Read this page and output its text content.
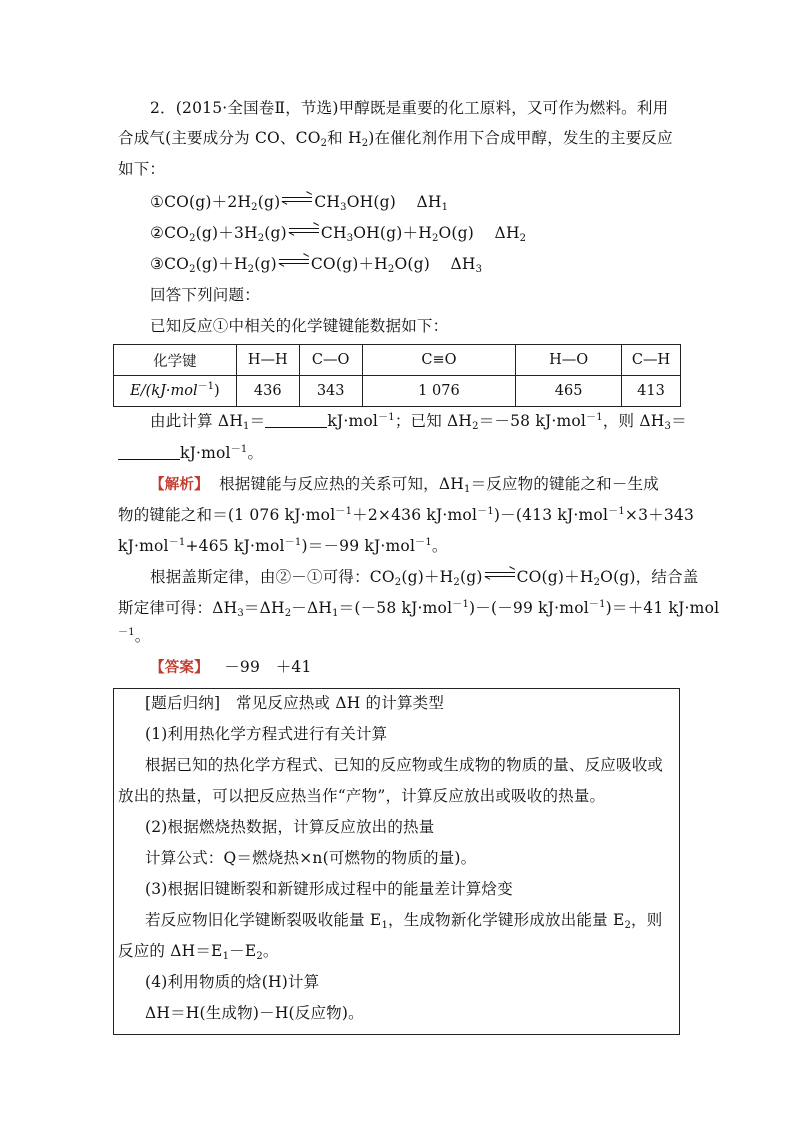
2．(2015·全国卷Ⅱ，节选)甲醇既是重要的化工原料，又可作为燃料。利用
合成气(主要成分为 CO、$CO_2$和 $H_2$)在催化剂作用下合成甲醇，发生的主要反应
如下：
$①CO(g)+2H_2(g)$ $CH_3OH(g)$ $\Delta H_1$
$②CO_2(g)+3H_2(g)$ $CH_3OH(g)+H_2O(g)$ $\Delta H_2$
$③CO_2(g)+H_2(g)$ $CO(g)+H_2O(g)$ $\Delta H_3$
回答下列问题：
已知反应①中相关的化学键键能数据如下：
化学键	H—H	C—O	C≡O	H—O	C—H
E/(kJ·mol$^{-1}$)	436	343	1 076	465	413
由此计算 $\Delta H_1=$	kJ·mol$^{-1}$；已知 $\Delta H_2=-58$ kJ·mol$^{-1}$，则 $\Delta H_3=$
kJ·mol$^{-1}$。
【解析】 根据键能与反应热的关系可知，$\Delta H_1=$反应物的键能之和－生成
物的键能之和＝(1 076 kJ·mol$^{-1}$＋2×436 kJ·mol$^{-1}$)－(413 kJ·mol$^{-1}$×3＋343
kJ·mol$^{-1}$+465 kJ·mol$^{-1}$)＝－99 kJ·mol$^{-1}$。
根据盖斯定律，由②－①可得：$CO_2(g)+H_2(g)$ $CO(g)+H_2O(g)$，结合盖
斯定律可得：$\Delta H_3=\Delta H_2-\Delta H_1=(-58$ kJ·mol$^{-1}$)－(－99 kJ·mol$^{-1}$)＝＋41 kJ·mol
$^{-1}$。
【答案】 －99　＋41
[题后归纳]　常见反应热或 ΔH 的计算类型
(1)利用热化学方程式进行有关计算
根据已知的热化学方程式、已知的反应物或生成物的物质的量、反应吸收或
放出的热量，可以把反应热当作“产物”，计算反应放出或吸收的热量。
(2)根据燃烧热数据，计算反应放出的热量
计算公式：Q＝燃烧热×n(可燃物的物质的量)。
(3)根据旧键断裂和新键形成过程中的能量差计算焓变
若反应物旧化学键断裂吸收能量 $E_1$，生成物新化学键形成放出能量 $E_2$，则
反应的 $\Delta H=E_1-E_2$。
(4)利用物质的焓(H)计算
ΔH＝H(生成物)－H(反应物)。
